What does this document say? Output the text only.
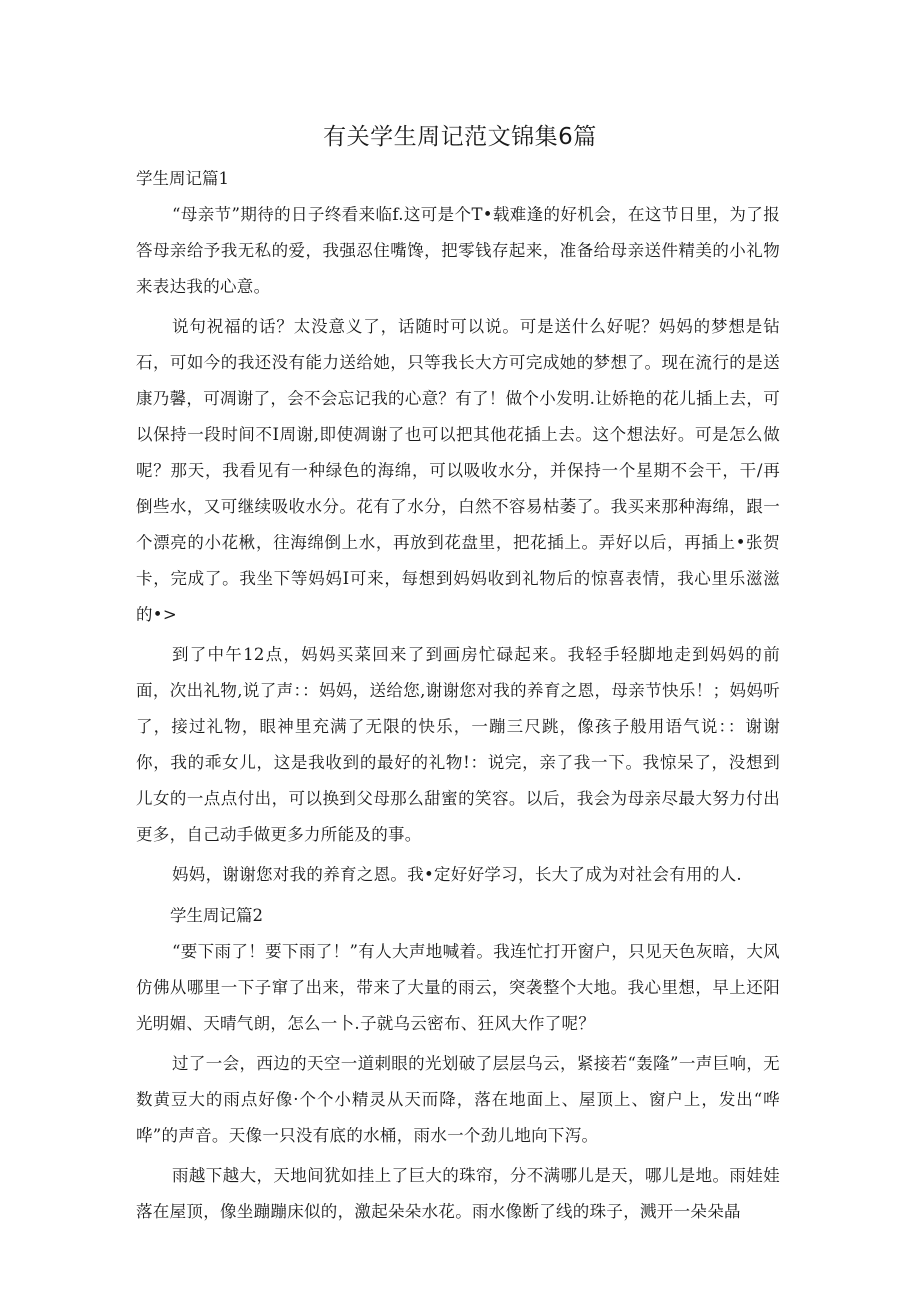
有关学生周记范文锦集6篇

学生周记篇1

“母亲节”期待的日子终看来临f.这可是个T•载难逢的好机会，在这节日里，为了报答母亲给予我无私的爱，我强忍住嘴馋，把零钱存起来，准备给母亲送件精美的小礼物来表达我的心意。

说句祝福的话？太没意义了，话随时可以说。可是送什么好呢？妈妈的梦想是钻石，可如今的我还没有能力送给她，只等我长大方可完成她的梦想了。现在流行的是送康乃馨，可凋谢了，会不会忘记我的心意？有了！做个小发明.让娇艳的花儿插上去，可以保持一段时间不I周谢,即使凋谢了也可以把其他花插上去。这个想法好。可是怎么做呢？那天，我看见有一种绿色的海绵，可以吸收水分，并保持一个星期不会干，干/再倒些水，又可继续吸收水分。花有了水分，白然不容易枯萎了。我买来那种海绵，跟一个漂亮的小花楸，往海绵倒上水，再放到花盘里，把花插上。弄好以后，再插上•张贺卡，完成了。我坐下等妈妈I可来，每想到妈妈收到礼物后的惊喜表情，我心里乐滋滋的•>

到了中午12点，妈妈买菜回来了到画房忙碌起来。我轻手轻脚地走到妈妈的前面，次出礼物,说了声：：妈妈，送给您,谢谢您对我的养育之恩，母亲节快乐！；妈妈听了，接过礼物，眼神里充满了无限的快乐，一蹦三尺跳，像孩子般用语气说：：谢谢你，我的乖女儿，这是我收到的最好的礼物!：说完，亲了我一下。我惊呆了，没想到儿女的一点点付出，可以换到父母那么甜蜜的笑容。以后，我会为母亲尽最大努力付出更多，自己动手做更多力所能及的事。

妈妈，谢谢您对我的养育之恩。我•定好好学习，长大了成为对社会有用的人.

学生周记篇2

“要下雨了！要下雨了！”有人大声地喊着。我连忙打开窗户，只见天色灰暗，大风仿佛从哪里一下子窜了出来，带来了大量的雨云，突袭整个大地。我心里想，早上还阳光明媚、天晴气朗，怎么一卜.子就乌云密布、狂风大作了呢？

过了一会，西边的天空一道刺眼的光划破了层层乌云，紧接若“轰隆”一声巨响，无数黄豆大的雨点好像·个个小精灵从天而降，落在地面上、屋顶上、窗户上，发出“哗哗”的声音。天像一只没有底的水桶，雨水一个劲儿地向下泻。

雨越下越大，天地间犹如挂上了巨大的珠帘，分不满哪儿是天，哪儿是地。雨娃娃落在屋顶，像坐蹦蹦床似的，激起朵朵水花。雨水像断了线的珠子，溅开一朵朵晶
